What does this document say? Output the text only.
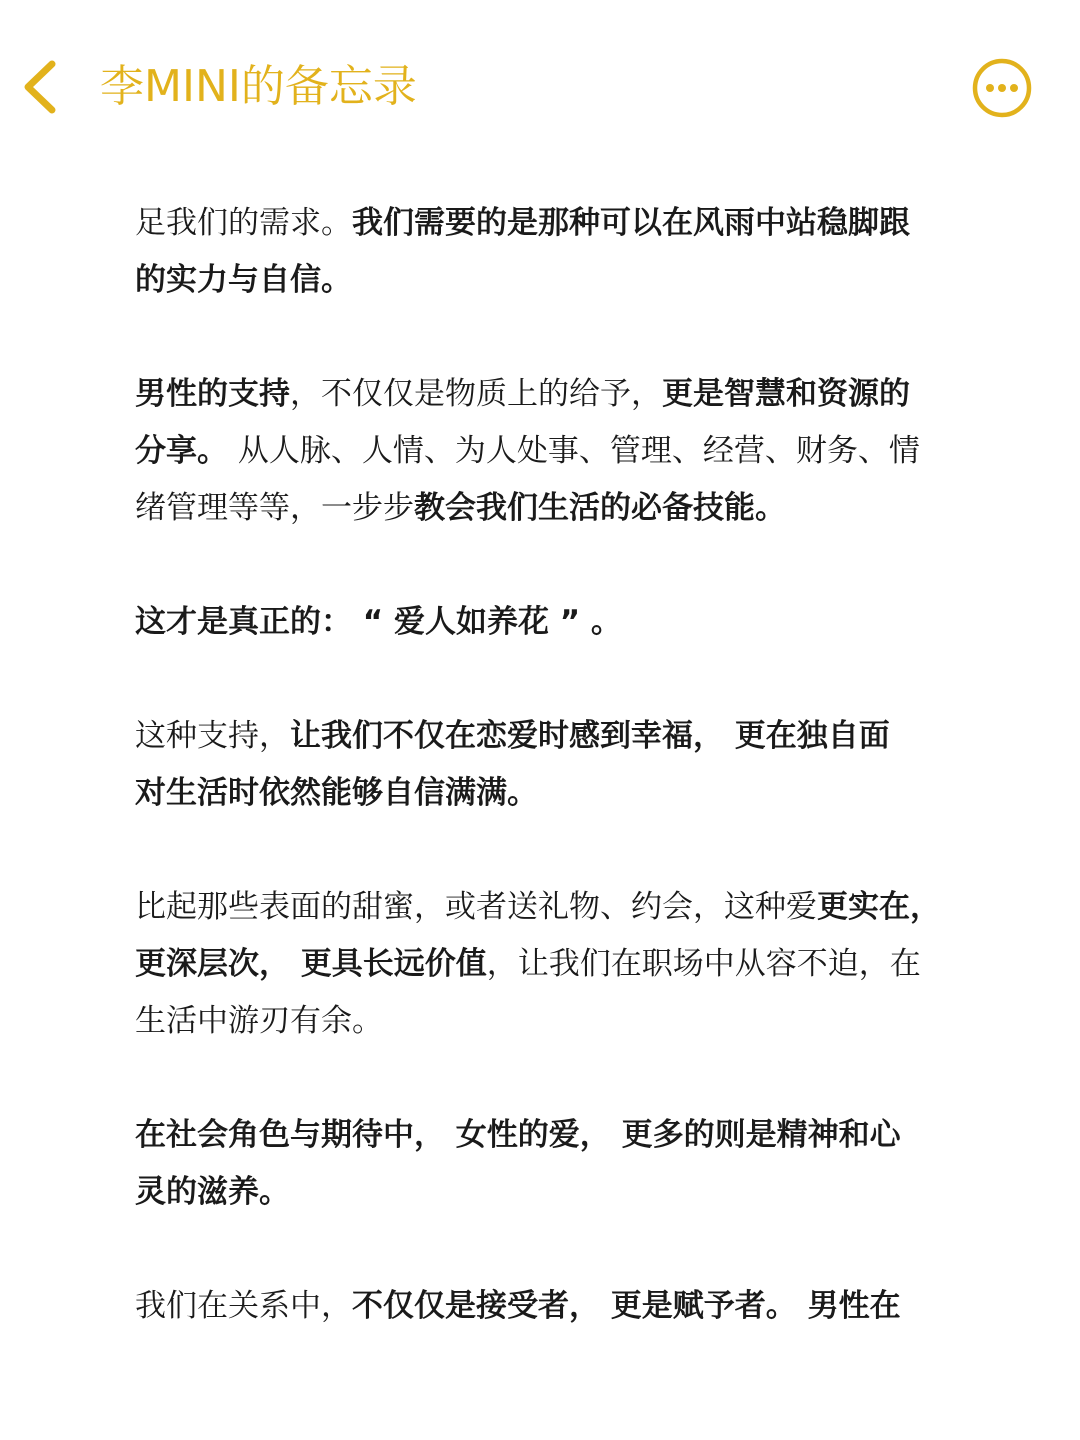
李MINI的备忘录

足我们的需求。我们需要的是那种可以在风雨中站稳脚跟
的实力与自信。

男性的支持，不仅仅是物质上的给予，更是智慧和资源的
分享。 从人脉、人情、为人处事、管理、经营、财务、情
绪管理等等，一步步教会我们生活的必备技能。

这才是真正的： “ 爱人如养花 ” 。

这种支持，让我们不仅在恋爱时感到幸福， 更在独自面
对生活时依然能够自信满满。

比起那些表面的甜蜜，或者送礼物、约会，这种爱更实在，
更深层次， 更具长远价值，让我们在职场中从容不迫，在
生活中游刃有余。

在社会角色与期待中， 女性的爱， 更多的则是精神和心
灵的滋养。

我们在关系中，不仅仅是接受者， 更是赋予者。 男性在
